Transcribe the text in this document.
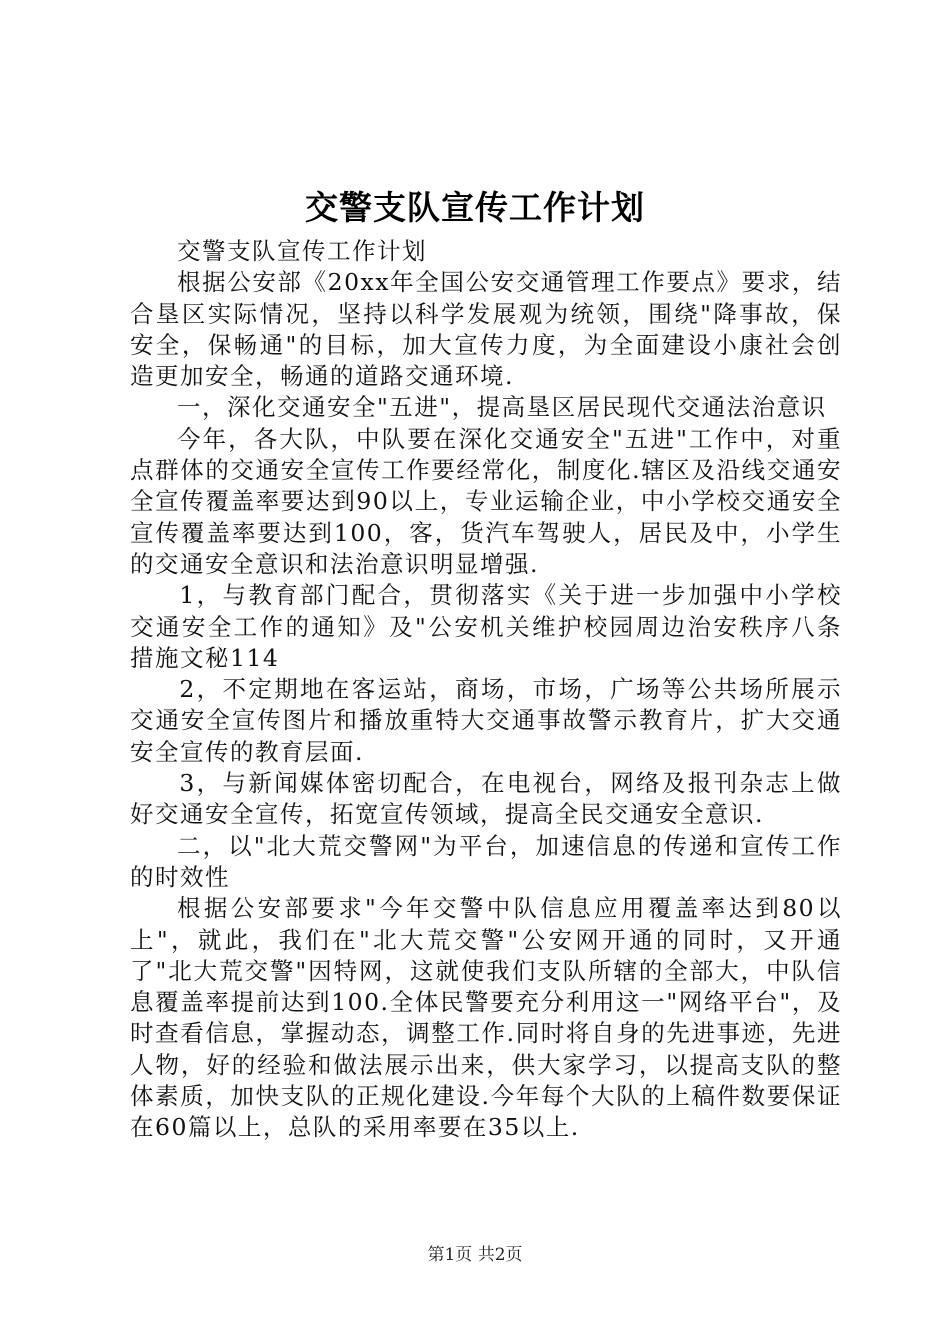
交警支队宣传工作计划

交警支队宣传工作计划

根据公安部《20xx年全国公安交通管理工作要点》要求，结合垦区实际情况，坚持以科学发展观为统领，围绕"降事故，保安全，保畅通"的目标，加大宣传力度，为全面建设小康社会创造更加安全，畅通的道路交通环境.

一，深化交通安全"五进"，提高垦区居民现代交通法治意识

今年，各大队，中队要在深化交通安全"五进"工作中，对重点群体的交通安全宣传工作要经常化，制度化.辖区及沿线交通安全宣传覆盖率要达到90以上，专业运输企业，中小学校交通安全宣传覆盖率要达到100，客，货汽车驾驶人，居民及中，小学生的交通安全意识和法治意识明显增强.

1，与教育部门配合，贯彻落实《关于进一步加强中小学校交通安全工作的通知》及"公安机关维护校园周边治安秩序八条措施文秘114

2，不定期地在客运站，商场，市场，广场等公共场所展示交通安全宣传图片和播放重特大交通事故警示教育片，扩大交通安全宣传的教育层面.

3，与新闻媒体密切配合，在电视台，网络及报刊杂志上做好交通安全宣传，拓宽宣传领域，提高全民交通安全意识.

二，以"北大荒交警网"为平台，加速信息的传递和宣传工作的时效性

根据公安部要求"今年交警中队信息应用覆盖率达到80以上"，就此，我们在"北大荒交警"公安网开通的同时，又开通了"北大荒交警"因特网，这就使我们支队所辖的全部大，中队信息覆盖率提前达到100.全体民警要充分利用这一"网络平台"，及时查看信息，掌握动态，调整工作.同时将自身的先进事迹，先进人物，好的经验和做法展示出来，供大家学习，以提高支队的整体素质，加快支队的正规化建设.今年每个大队的上稿件数要保证在60篇以上，总队的采用率要在35以上.

第1页 共2页
